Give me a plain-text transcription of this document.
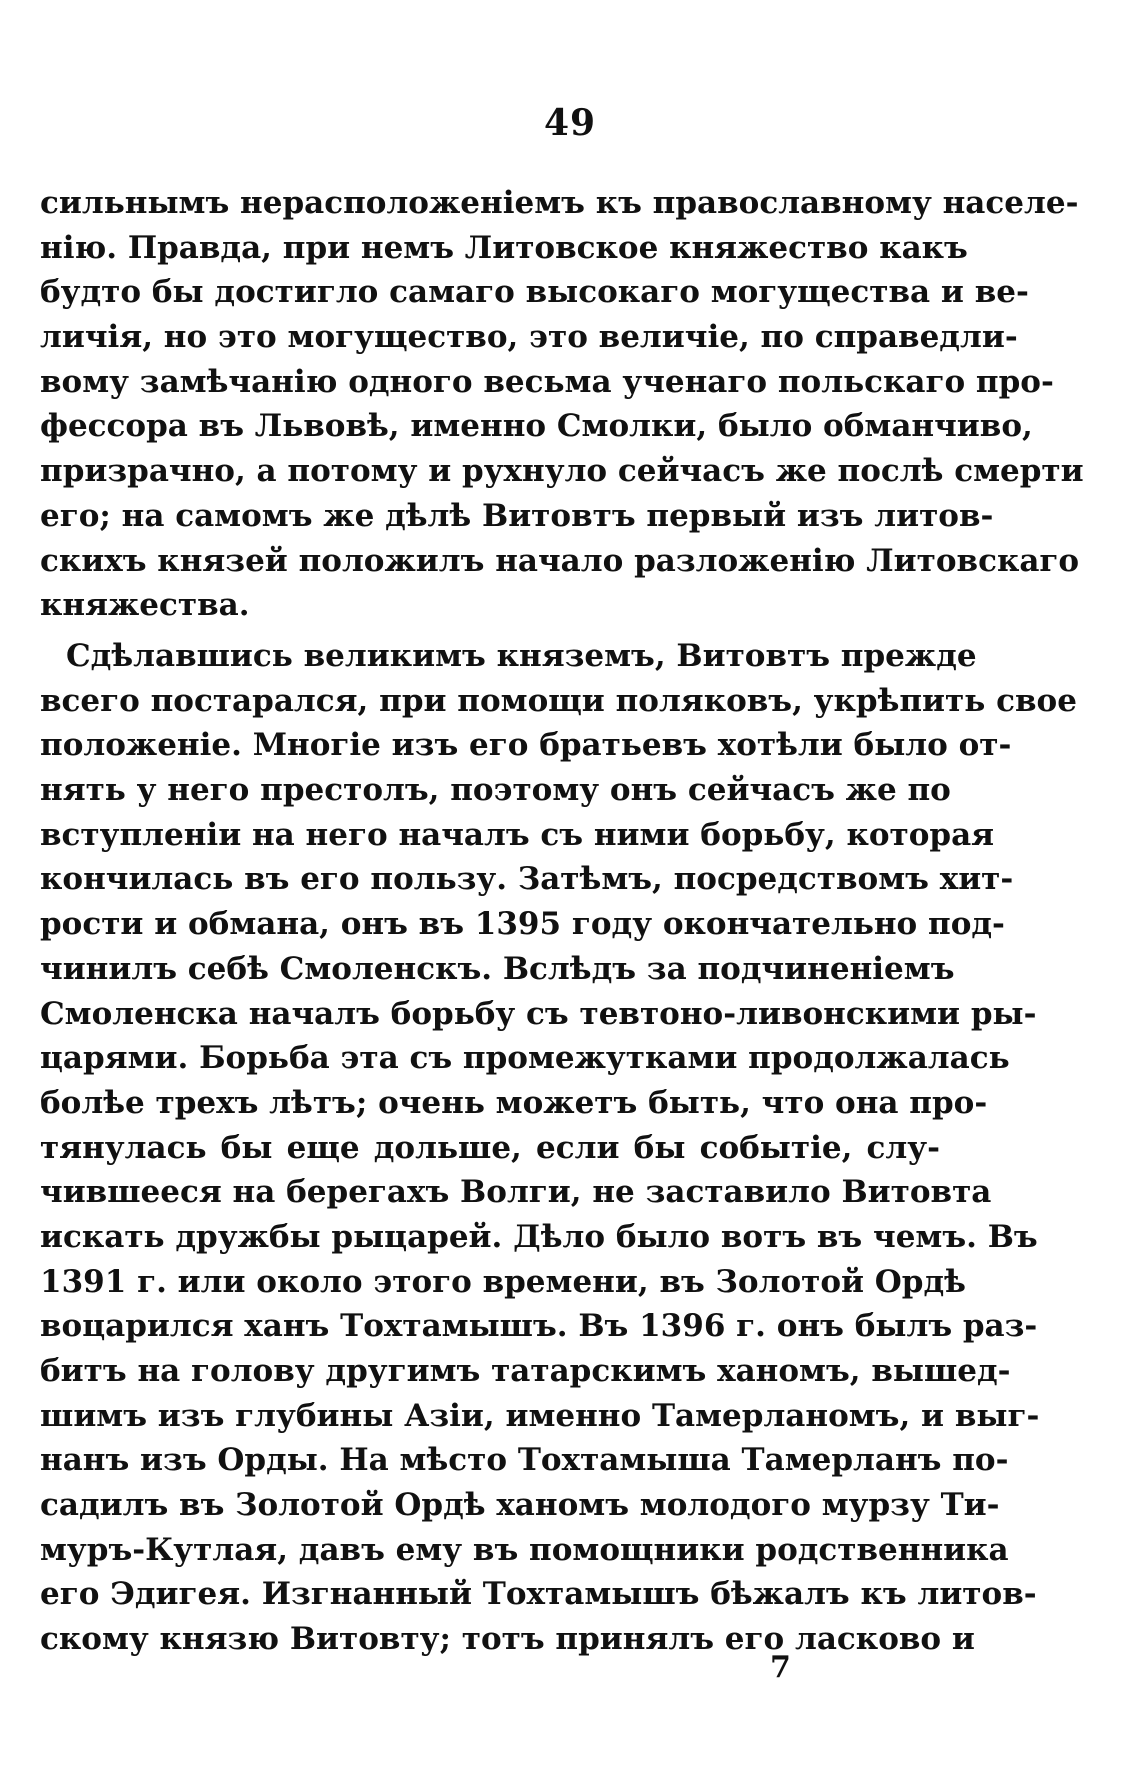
49
сильнымъ нерасположеніемъ къ православному населе-
нію. Правда, при немъ Литовское княжество какъ
будто бы достигло самаго высокаго могущества и ве-
личія, но это могущество, это величіе, по справедли-
вому замѣчанію одного весьма ученаго польскаго про-
фессора въ Львовѣ, именно Смолки, было обманчиво,
призрачно, а потому и рухнуло сейчасъ же послѣ смерти
его; на самомъ же дѣлѣ Витовтъ первый изъ литов-
скихъ князей положилъ начало разложенію Литовскаго
княжества.
Сдѣлавшись великимъ княземъ, Витовтъ прежде
всего постарался, при помощи поляковъ, укрѣпить свое
положеніе. Многіе изъ его братьевъ хотѣли было от-
нять у него престолъ, поэтому онъ сейчасъ же по
вступленіи на него началъ съ ними борьбу, которая
кончилась въ его пользу. Затѣмъ, посредствомъ хит-
рости и обмана, онъ въ 1395 году окончательно под-
чинилъ себѣ Смоленскъ. Вслѣдъ за подчиненіемъ
Смоленска началъ борьбу съ тевтоно-ливонскими ры-
царями. Борьба эта съ промежутками продолжалась
болѣе трехъ лѣтъ; очень можетъ быть, что она про-
тянулась бы еще дольше, если бы событіе, слу-
чившееся на берегахъ Волги, не заставило Витовта
искать дружбы рыцарей. Дѣло было вотъ въ чемъ. Въ
1391 г. или около этого времени, въ Золотой Ордѣ
воцарился ханъ Тохтамышъ. Въ 1396 г. онъ былъ раз-
битъ на голову другимъ татарскимъ ханомъ, вышед-
шимъ изъ глубины Азіи, именно Тамерланомъ, и выг-
нанъ изъ Орды. На мѣсто Тохтамыша Тамерланъ по-
садилъ въ Золотой Ордѣ ханомъ молодого мурзу Ти-
муръ-Кутлая, давъ ему въ помощники родственника
его Эдигея. Изгнанный Тохтамышъ бѣжалъ къ литов-
скому князю Витовту; тотъ принялъ его ласково и
7
